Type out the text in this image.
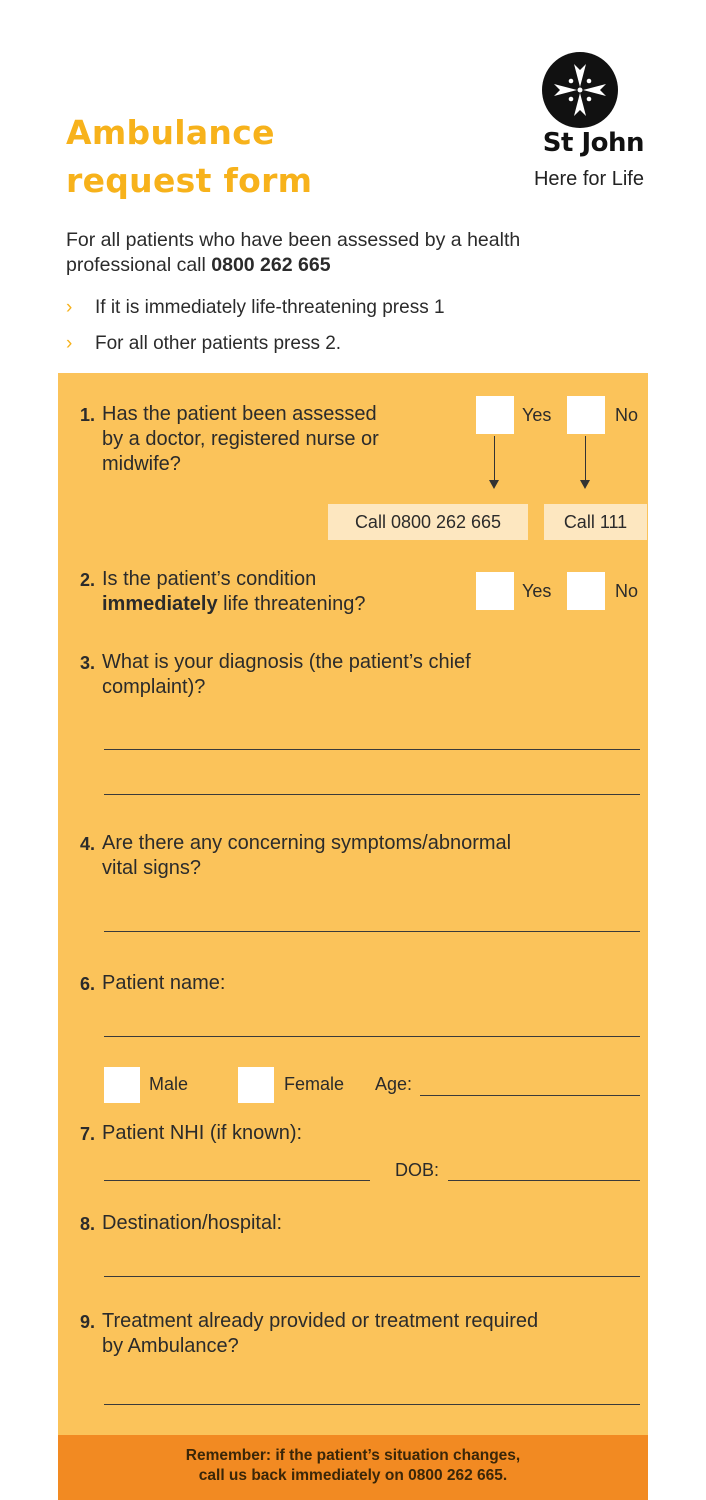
Ambulance
request form
St John
Here for Life
For all patients who have been assessed by a health professional call 0800 262 665
› If it is immediately life-threatening press 1
› For all other patients press 2.
1. Has the patient been assessed
by a doctor, registered nurse or
midwife?
Yes	No
Call 0800 262 665	Call 111
2. Is the patient’s condition
immediately life threatening?
Yes	No
3. What is your diagnosis (the patient’s chief
complaint)?
4. Are there any concerning symptoms/abnormal
vital signs?
6. Patient name:
Male	Female Age:
7. Patient NHI (if known):
DOB:
8. Destination/hospital:
9. Treatment already provided or treatment required
by Ambulance?
Remember: if the patient’s situation changes,
call us back immediately on 0800 262 665.
